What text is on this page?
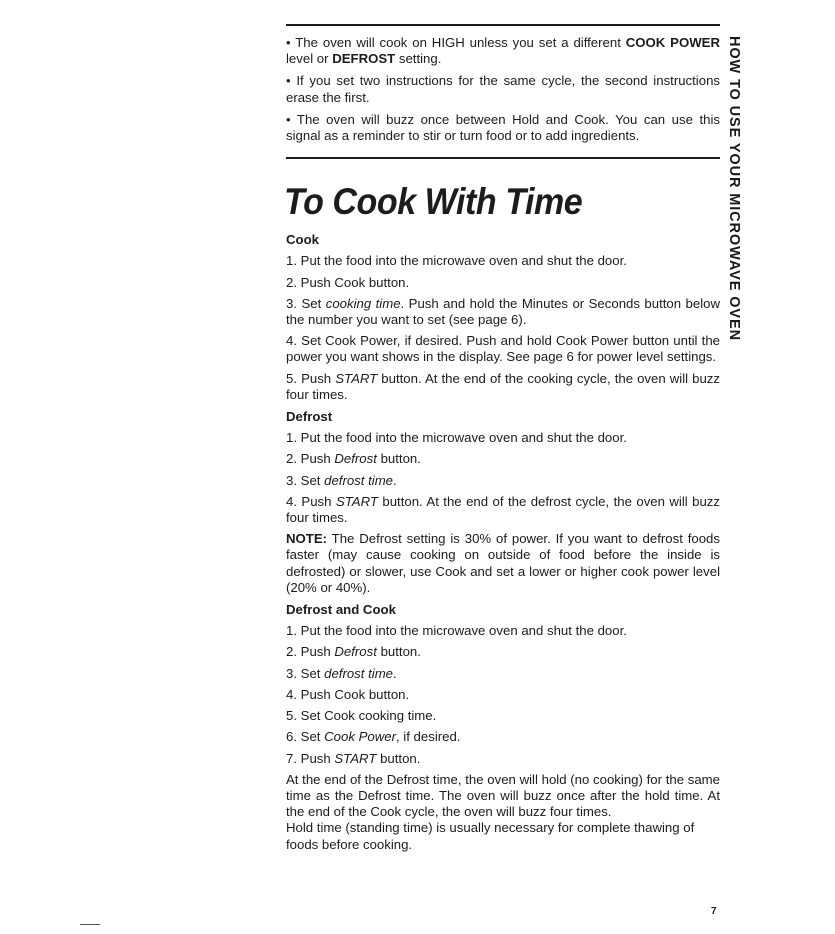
HOW TO USE YOUR MICROWAVE OVEN

• The oven will cook on HIGH unless you set a different COOK POWER level or DEFROST setting.

• If you set two instructions for the same cycle, the second instructions erase the first.

• The oven will buzz once between Hold and Cook. You can use this signal as a reminder to stir or turn food or to add ingredients.

To Cook With Time

Cook

1. Put the food into the microwave oven and shut the door.

2. Push Cook button.

3. Set cooking time. Push and hold the Minutes or Seconds button below the number you want to set (see page 6).

4. Set Cook Power, if desired. Push and hold Cook Power button until the power you want shows in the display. See page 6 for power level settings.

5. Push START button. At the end of the cooking cycle, the oven will buzz four times.

Defrost

1. Put the food into the microwave oven and shut the door.

2. Push Defrost button.

3. Set defrost time.

4. Push START button. At the end of the defrost cycle, the oven will buzz four times.

NOTE: The Defrost setting is 30% of power. If you want to defrost foods faster (may cause cooking on outside of food before the inside is defrosted) or slower, use Cook and set a lower or higher cook power level (20% or 40%).

Defrost and Cook

1. Put the food into the microwave oven and shut the door.

2. Push Defrost button.

3. Set defrost time.

4. Push Cook button.

5. Set Cook cooking time.

6. Set Cook Power, if desired.

7. Push START button.

At the end of the Defrost time, the oven will hold (no cooking) for the same time as the Defrost time. The oven will buzz once after the hold time. At the end of the Cook cycle, the oven will buzz four times.

Hold time (standing time) is usually necessary for complete thawing of foods before cooking.

7
